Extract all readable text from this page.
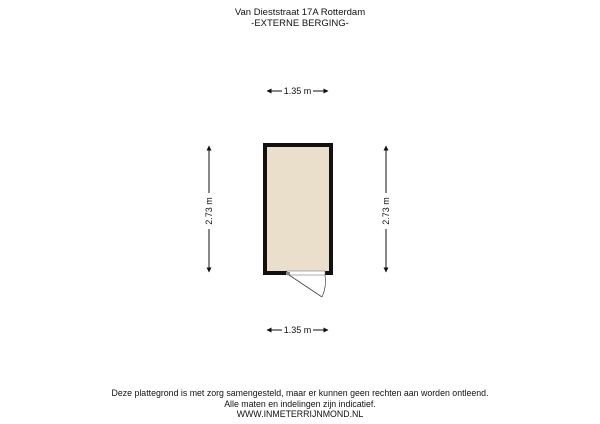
Van Dieststraat 17A Rotterdam
-EXTERNE BERGING-
1.35 m
1.35 m
2.73 m	2.73 m
Deze plattegrond is met zorg samengesteld, maar er kunnen geen rechten aan worden ontleend.
Alle maten en indelingen zijn indicatief.
WWW.INMETERRIJNMOND.NL
